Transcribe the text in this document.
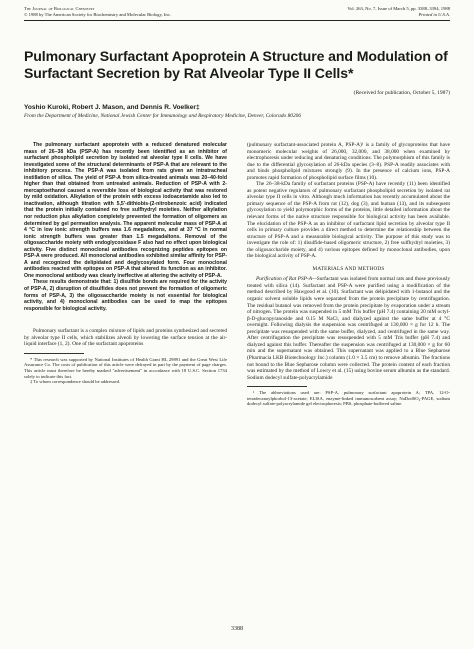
The Journal of Biological Chemistry
© 1988 by The American Society for Biochemistry and Molecular Biology, Inc.
Vol. 263, No. 7, Issue of March 5, pp. 3388–3394, 1988
Printed in U.S.A.
Pulmonary Surfactant Apoprotein A Structure and Modulation of Surfactant Secretion by Rat Alveolar Type II Cells*
(Received for publication, October 5, 1987)
Yoshio Kuroki, Robert J. Mason, and Dennis R. Voelker‡
From the Department of Medicine, National Jewish Center for Immunology and Respiratory Medicine, Denver, Colorado 80206

The pulmonary surfactant apoprotein with a reduced denatured molecular mass of 26–38 kDa (PSP-A) has recently been identified as an inhibitor of surfactant phospholipid secretion by isolated rat alveolar type II cells. We have investigated some of the structural determinants of PSP-A that are relevant to the inhibitory process. The PSP-A was isolated from rats given an intratracheal instillation of silica. The yield of PSP-A from silica-treated animals was 20–40-fold higher than that obtained from untreated animals. Reduction of PSP-A with 2-mercaptoethanol caused a reversible loss of biological activity that was restored by mild oxidation. Alkylation of the protein with excess iodoacetamide also led to inactivation, although titration with 5,5′-dithiobis-(2-nitrobenzoic acid) indicated that the protein initially contained no free sulfhydryl moieties. Neither alkylation nor reduction plus alkylation completely prevented the formation of oligomers as determined by gel permeation analysis. The apparent molecular mass of PSP-A at 4 °C in low ionic strength buffers was 1.6 megadaltons, and at 37 °C in normal ionic strength buffers was greater than 1.5 megadaltons. Removal of the oligosaccharide moiety with endoglycosidase F also had no effect upon biological activity. Five distinct monoclonal antibodies recognizing peptides epitopes on PSP-A were produced. All monoclonal antibodies exhibited similar affinity for PSP-A and recognized the delipidated and deglycosylated form. Four monoclonal antibodies reacted with epitopes on PSP-A that altered its function as an inhibitor. One monoclonal antibody was clearly ineffective at altering the activity of PSP-A.

These results demonstrate that: 1) disulfide bonds are required for the activity of PSP-A, 2) disruption of disulfides does not prevent the formation of oligomeric forms of PSP-A, 3) the oligosaccharide moiety is not essential for biological activity, and 4) monoclonal antibodies can be used to map the epitopes responsible for biological activity.

Pulmonary surfactant is a complex mixture of lipids and proteins synthesized and secreted by alveolar type II cells, which stabilizes alveoli by lowering the surface tension at the air-liquid interface (1, 2). One of the surfactant apoproteins

* This research was supported by National Institutes of Health Grant HL 29891 and the Great West Life Assurance Co. The costs of publication of this article were defrayed in part by the payment of page charges. This article must therefore be hereby marked "advertisement" in accordance with 18 U.S.C. Section 1734 solely to indicate this fact.

‡ To whom correspondence should be addressed.

(pulmonary surfactant-associated protein A, PSP-A)¹ is a family of glycoproteins that have monomeric molecular weights of 26,000, 32,000, and 38,000 when examined by electrophoresis under reducing and denaturing conditions. The polymorphism of this family is due to the differential glycosylation of 26-kDa species (3–8). PSP-A readily associates with and binds phospholipid mixtures strongly (9). In the presence of calcium ions, PSP-A promotes rapid formation of phospholipid surface films (10).

The 26–38-kDa family of surfactant proteins (PSP-A) have recently (11) been identified as potent negative regulators of pulmonary surfactant phospholipid secretion by isolated rat alveolar type II cells in vitro. Although much information has recently accumulated about the primary sequence of the PSP-A from rat (12), dog (3), and human (13), and its subsequent glycosylation to yield polymorphic forms of the proteins, little detailed information about the relevant forms of the native structure responsible for biological activity has been available. The elucidation of the PSP-A as an inhibitor of surfactant lipid secretion by alveolar type II cells in primary culture provides a direct method to determine the relationship between the structure of PSP-A and a measurable biological activity. The purpose of this study was to investigate the role of: 1) disulfide-based oligomeric structure, 2) free sulfhydryl moieties, 3) the oligosaccharide moiety, and 4) various epitopes defined by monoclonal antibodies, upon the biological activity of PSP-A.

MATERIALS AND METHODS

Purification of Rat PSP-A—Surfactant was isolated from normal rats and those previously treated with silica (14). Surfactant and PSP-A were purified using a modification of the method described by Hawgood et al. (10). Surfactant was delipidated with 1-butanol and the organic solvent soluble lipids were separated from the protein precipitate by centrifugation. The residual butanol was removed from the protein precipitate by evaporation under a stream of nitrogen. The protein was suspended in 5 mM Tris buffer (pH 7.4) containing 20 mM octyl-β-D-glucopyranoside and 0.15 M NaCl, and dialyzed against the same buffer at 4 °C overnight. Following dialysis the suspension was centrifuged at 130,000 × g for 12 h. The precipitate was resuspended with the same buffer, dialyzed, and centrifuged in the same way. After centrifugation the precipitate was resuspended with 5 mM Tris buffer (pH 7.4) and dialyzed against this buffer. Thereafter the suspension was centrifuged at 130,000 × g for 60 min and the supernatant was obtained. This supernatant was applied to a Blue Sepharose (Pharmacia LKB Biotechnology Inc.) column (1.0 × 3.5 cm) to remove albumin. The fractions not bound to the Blue Sepharose column were collected. The protein content of each fraction was estimated by the method of Lowry et al. (15) using bovine serum albumin as the standard. Sodium dodecyl sulfate-polyacrylamide

¹ The abbreviations used are: PSP-A, pulmonary surfactant apoprotein A; TPA, 12-O-tetradecanoylphorbol-13-acetate; ELISA, enzyme-linked immunosorbent assay; NaDodSO₄-PAGE, sodium dodecyl sulfate-polyacrylamide gel electrophoresis; PBS, phosphate-buffered saline.

3388
